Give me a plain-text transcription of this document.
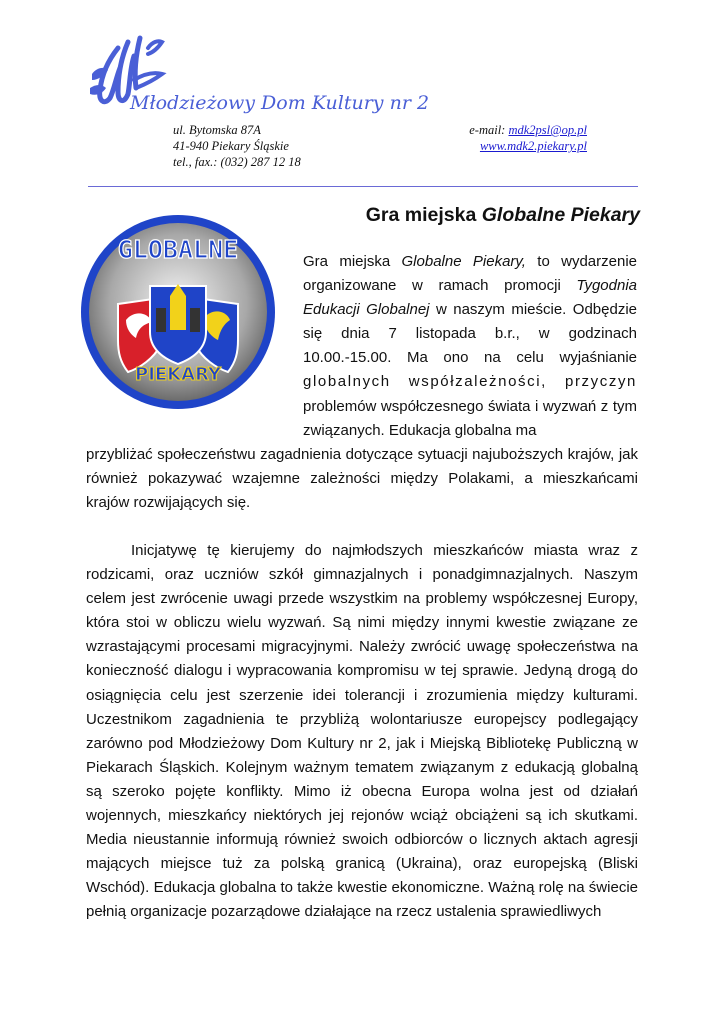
Młodzieżowy Dom Kultury nr 2
ul. Bytomska 87A
41-940 Piekary Śląskie
tel., fax.: (032) 287 12 18
e-mail: mdk2psl@op.pl
www.mdk2.piekary.pl
GLOBALNE
PIEKARY
Gra miejska Globalne Piekary

Gra miejska Globalne Piekary, to wydarzenie organizowane w ramach promocji Tygodnia Edukacji Globalnej w naszym mieście. Odbędzie się dnia 7 listopada b.r., w godzinach 10.00.-15.00. Ma ono na celu wyjaśnianie globalnych współzależności, przyczyn problemów współczesnego świata i wyzwań z tym związanych. Edukacja globalna ma

przybliżać społeczeństwu zagadnienia dotyczące sytuacji najuboższych krajów, jak również pokazywać wzajemne zależności między Polakami, a mieszkańcami krajów rozwijających się.

Inicjatywę tę kierujemy do najmłodszych mieszkańców miasta wraz z rodzicami, oraz uczniów szkół gimnazjalnych i ponadgimnazjalnych. Naszym celem jest zwrócenie uwagi przede wszystkim na problemy współczesnej Europy, która stoi w obliczu wielu wyzwań. Są nimi między innymi kwestie związane ze wzrastającymi procesami migracyjnymi. Należy zwrócić uwagę społeczeństwa na konieczność dialogu i wypracowania kompromisu w tej sprawie. Jedyną drogą do osiągnięcia celu jest szerzenie idei tolerancji i zrozumienia między kulturami. Uczestnikom zagadnienia te przybliżą wolontariusze europejscy podlegający zarówno pod Młodzieżowy Dom Kultury nr 2, jak i Miejską Bibliotekę Publiczną w Piekarach Śląskich. Kolejnym ważnym tematem związanym z edukacją globalną są szeroko pojęte konflikty. Mimo iż obecna Europa wolna jest od działań wojennych, mieszkańcy niektórych jej rejonów wciąż obciążeni są ich skutkami. Media nieustannie informują również swoich odbiorców o licznych aktach agresji mających miejsce tuż za polską granicą (Ukraina), oraz europejską (Bliski Wschód). Edukacja globalna to także kwestie ekonomiczne. Ważną rolę na świecie pełnią organizacje pozarządowe działające na rzecz ustalenia sprawiedliwych
